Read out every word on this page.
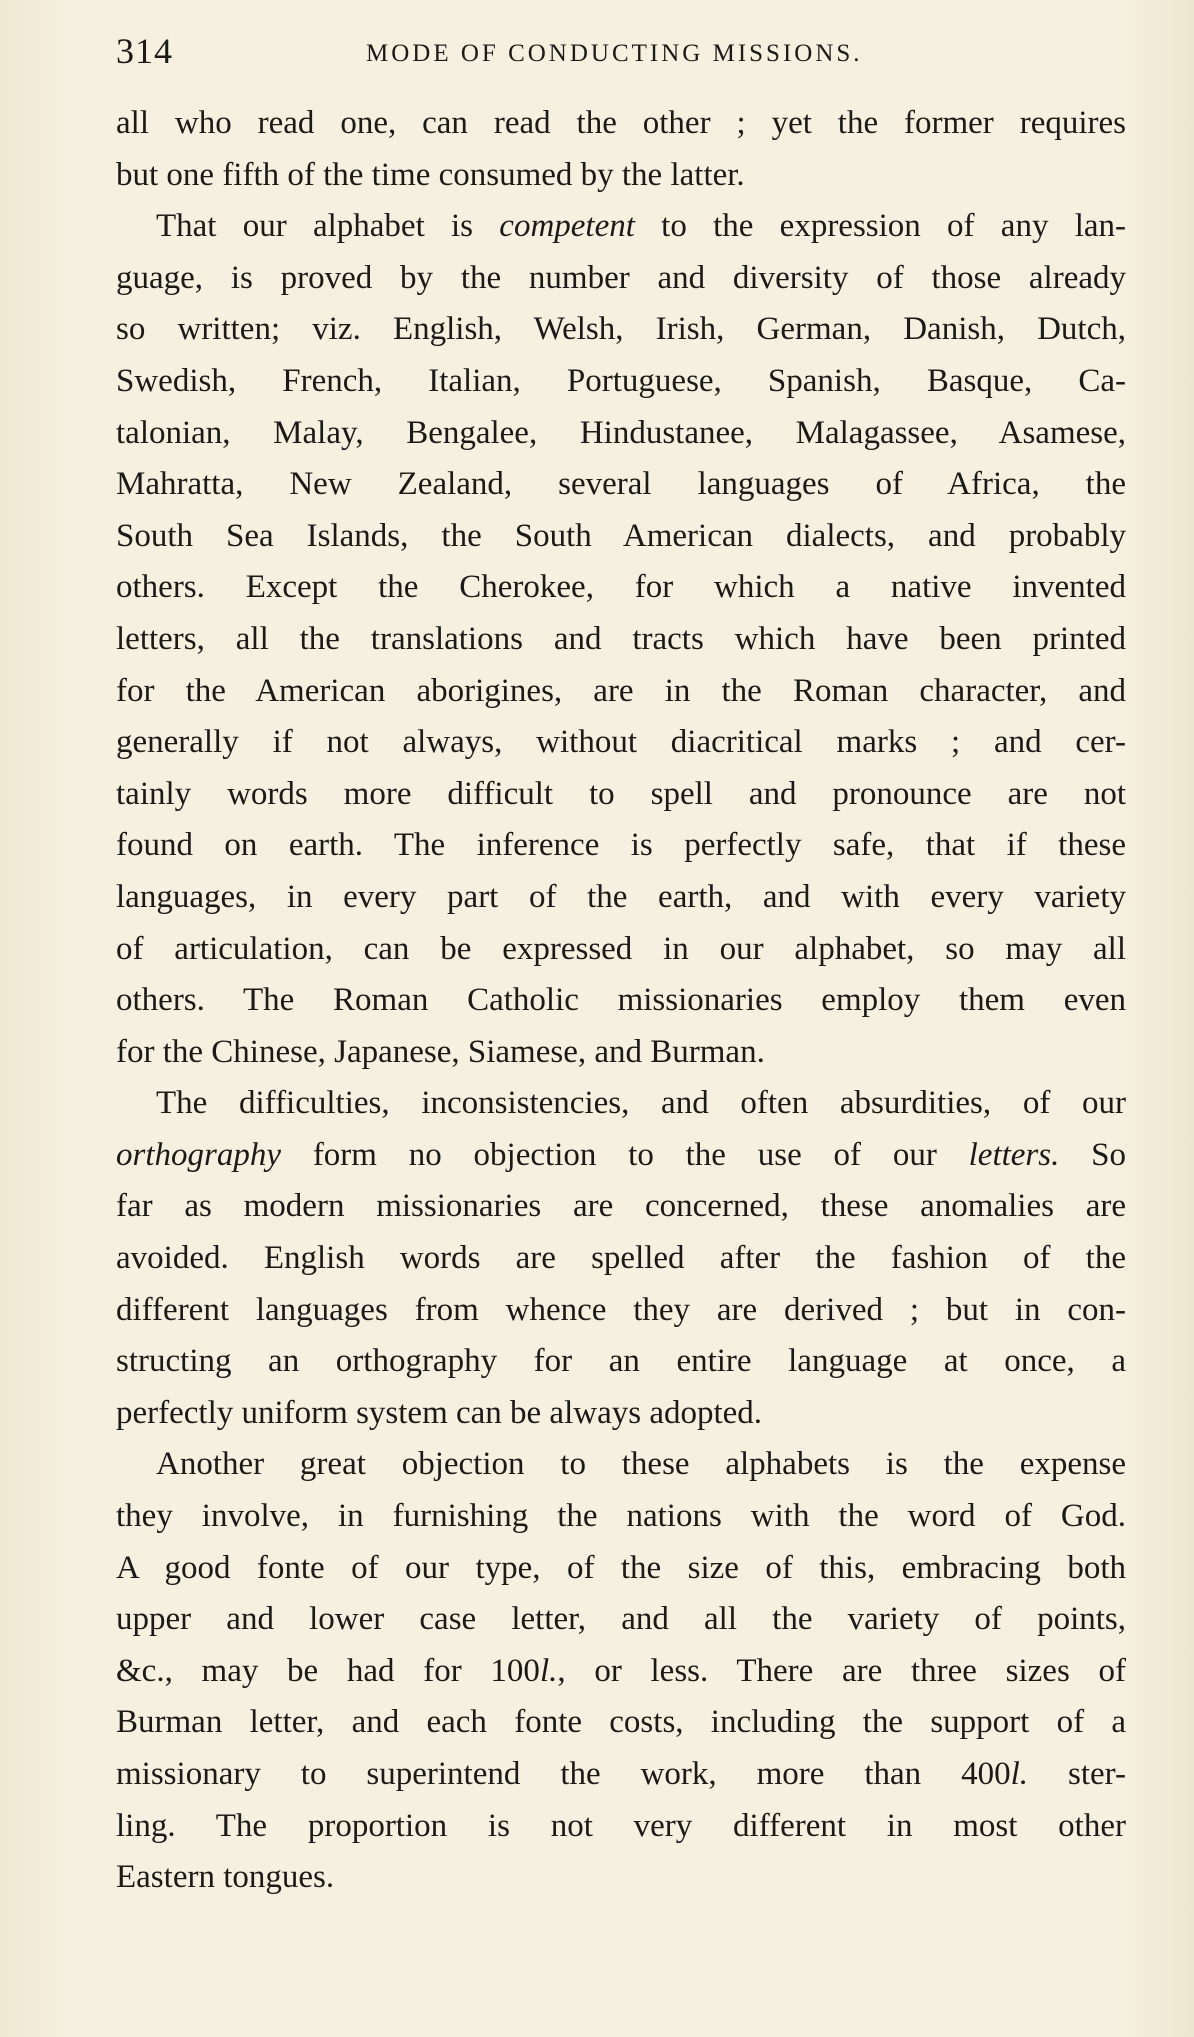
314	MODE OF CONDUCTING MISSIONS.
all who read one, can read the other ; yet the former requires
but one fifth of the time consumed by the latter.
That our alphabet is competent to the expression of any lan-
guage, is proved by the number and diversity of those already
so written; viz. English, Welsh, Irish, German, Danish, Dutch,
Swedish, French, Italian, Portuguese, Spanish, Basque, Ca-
talonian, Malay, Bengalee, Hindustanee, Malagassee, Asamese,
Mahratta, New Zealand, several languages of Africa, the
South Sea Islands, the South American dialects, and probably
others. Except the Cherokee, for which a native invented
letters, all the translations and tracts which have been printed
for the American aborigines, are in the Roman character, and
generally if not always, without diacritical marks ; and cer-
tainly words more difficult to spell and pronounce are not
found on earth. The inference is perfectly safe, that if these
languages, in every part of the earth, and with every variety
of articulation, can be expressed in our alphabet, so may all
others. The Roman Catholic missionaries employ them even
for the Chinese, Japanese, Siamese, and Burman.
The difficulties, inconsistencies, and often absurdities, of our
orthography form no objection to the use of our letters. So
far as modern missionaries are concerned, these anomalies are
avoided. English words are spelled after the fashion of the
different languages from whence they are derived ; but in con-
structing an orthography for an entire language at once, a
perfectly uniform system can be always adopted.
Another great objection to these alphabets is the expense
they involve, in furnishing the nations with the word of God.
A good fonte of our type, of the size of this, embracing both
upper and lower case letter, and all the variety of points,
&c., may be had for 100l., or less. There are three sizes of
Burman letter, and each fonte costs, including the support of a
missionary to superintend the work, more than 400l. ster-
ling. The proportion is not very different in most other
Eastern tongues.
